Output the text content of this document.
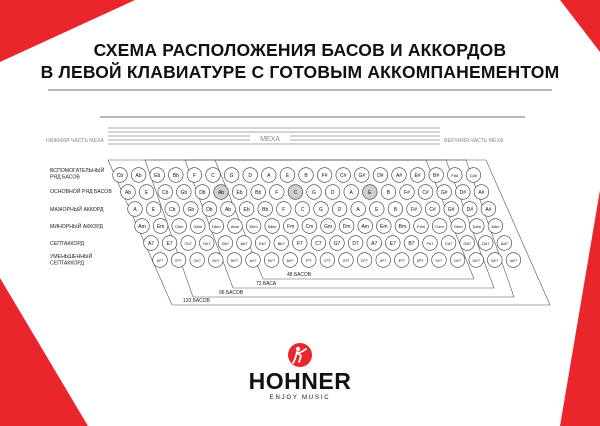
СХЕМА РАСПОЛОЖЕНИЯ БАСОВ И АККОРДОВ
В ЛЕВОЙ КЛАВИАТУРЕ С ГОТОВЫМ АККОМПАНЕМЕНТОМ
МЕХА
НИЖНЯЯ ЧАСТЬ МЕХА	ВЕРХНЯЯ ЧАСТЬ МЕХА
48 БАСОВ
72 БАСА
96 БАСОВ
120 БАСОВ
ВСПОМОГАТЕЛЬНЫЙ
РЯД БАСОВ
ОСНОВНОЙ РЯД БАСОВ
МАЖОРНЫЙ АККОРД
МИНОРНЫЙ АККОРД
СЕПТАККОРД
УМЕНЬШЕННЫЙ
СЕПТАККОРД
Cb Ab Eb Bb	F	C	G	D	A	E	B	F# C# G# D# A# E# B#	F##	C##
Ab	E	Cb Gb Db Ab Eb Bb	F	C	G	D	A	E	B	F# C# G# D# A#
A	E	Cb Gb Db Ab Eb Bb	F	C	G	D	A	E	B	F# C# G# D# A#
Am Em	Cbm	Gbm	Dbm	Abm	Ebm	Bbm Fm Cm Gm Dm Am Em Bm	F#m	C#m	G#m	D#m	A#m
A7 E7	Cb7	Gb7	Db7	Ab7	Eb7	Bb7 F7 C7 G7 D7 A7 E7 B7	F#7	C#7	G#7	D#7	A#7
Aº7	Eº7	Cbº7	Gbº7	Dbº7	Abº7	Ebº7	Bbº7	Fº7	Cº7	Gº7	Dº7	Aº7	Eº7	Bº7	F#º7	C#º7	G#º7	D#º7	A#º7
HOHNER
ENJOY MUSIC
